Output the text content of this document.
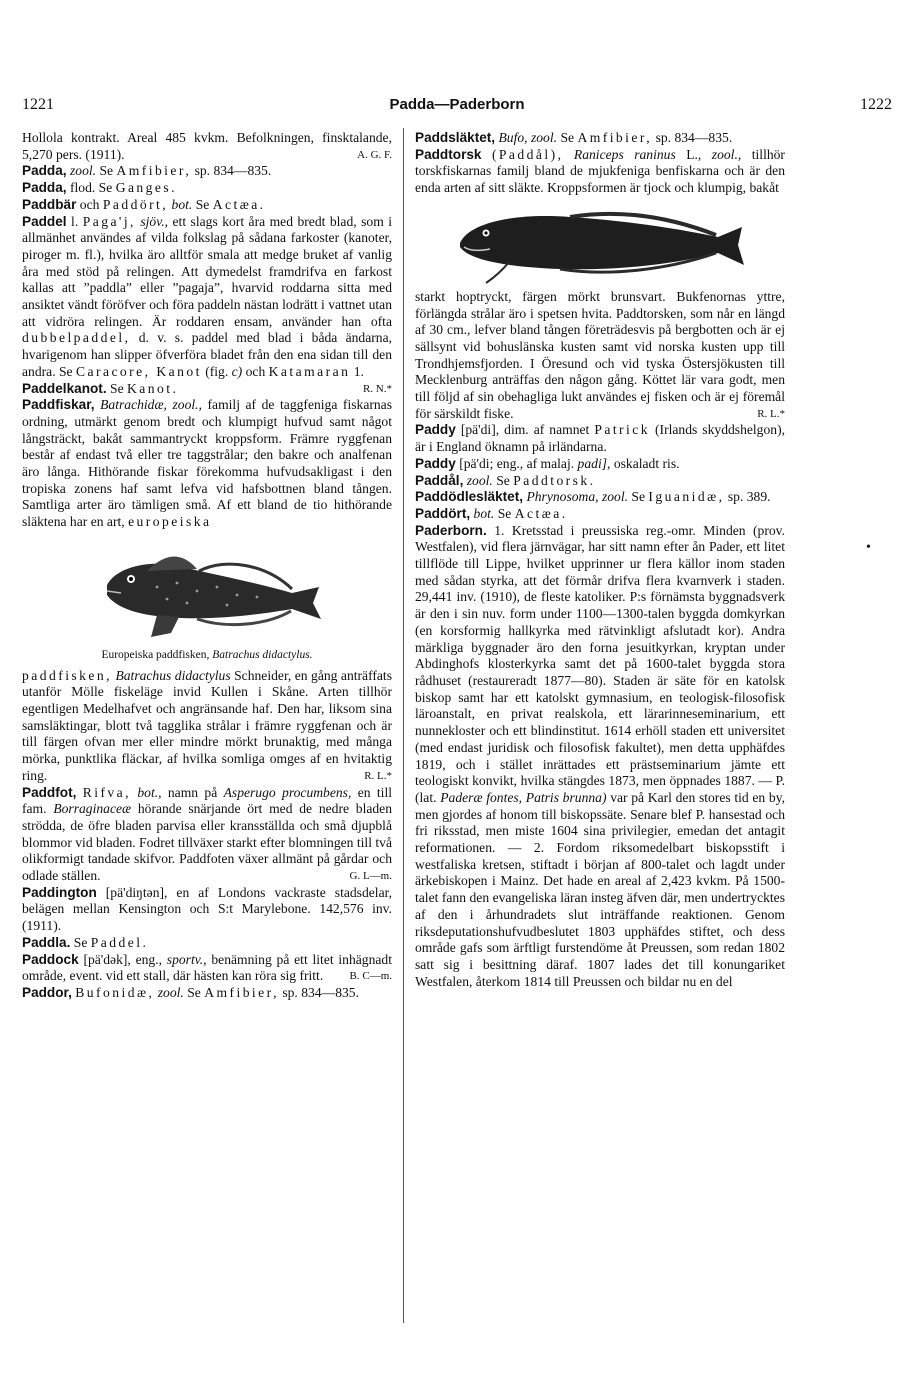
1221	Padda—Paderborn	1222

Hollola kontrakt. Areal 485 kvkm. Befolkningen, finsktalande, 5,270 pers. (1911).	A. G. F.

Padda, zool. Se Amfibier, sp. 834—835.

Padda, flod. Se Ganges.

Paddbär och Paddört, bot. Se Actæa.

Paddel l. Paga'j, sjöv., ett slags kort åra med bredt blad, som i allmänhet användes af vilda folkslag på sådana farkoster (kanoter, piroger m. fl.), hvilka äro alltför smala att medge bruket af vanlig åra med stöd på relingen. Att dymedelst framdrifva en farkost kallas att ”paddla” eller ”pagaja”, hvarvid roddarna sitta med ansiktet vändt föröfver och föra paddeln nästan lodrätt i vattnet utan att vidröra relingen. Är roddaren ensam, använder han ofta dubbelpaddel, d. v. s. paddel med blad i båda ändarna, hvarigenom han slipper öfverföra bladet från den ena sidan till den andra. Se Caracore, Kanot (fig. c) och Katamaran 1.
R. N.*

Paddelkanot. Se Kanot.

Paddfiskar, Batrachidæ, zool., familj af de taggfeniga fiskarnas ordning, utmärkt genom bredt och klumpigt hufvud samt något långsträckt, bakåt sammantryckt kroppsform. Främre ryggfenan består af endast två eller tre taggstrålar; den bakre och analfenan äro långa. Hithörande fiskar förekomma hufvudsakligast i den tropiska zonens haf samt lefva vid hafsbottnen bland tången. Samtliga arter äro tämligen små. Af ett bland de tio hithörande släktena har en art, europeiska

Europeiska paddfisken, Batrachus didactylus.

paddfisken, Batrachus didactylus Schneider, en gång anträffats utanför Mölle fiskeläge invid Kullen i Skåne. Arten tillhör egentligen Medelhafvet och angränsande haf. Den har, liksom sina samsläktingar, blott två tagglika strålar i främre ryggfenan och är till färgen ofvan mer eller mindre mörkt brunaktig, med många mörka, punktlika fläckar, af hvilka somliga omges af en hvitaktig ring.	R. L.*

Paddfot, Rifva, bot., namn på Asperugo procumbens, en till fam. Borraginaceæ hörande snärjande ört med de nedre bladen strödda, de öfre bladen parvisa eller kransställda och små djupblå blommor vid bladen. Fodret tillväxer starkt efter blomningen till två olikformigt tandade skifvor. Paddfoten växer allmänt på gårdar och odlade ställen.	G. L—m.

Paddington [pä'diŋtən], en af Londons vackraste stadsdelar, belägen mellan Kensington och S:t Marylebone. 142,576 inv. (1911).

Paddla. Se Paddel.

Paddock [pä'dək], eng., sportv., benämning på ett litet inhägnadt område, event. vid ett stall, där hästen kan röra sig fritt. B. C—m.

Paddor, Bufonidæ, zool. Se Amfibier, sp. 834—835.

Paddsläktet, Bufo, zool. Se Amfibier, sp. 834—835.

Paddtorsk (Paddål), Raniceps raninus L., zool., tillhör torskfiskarnas familj bland de mjukfeniga benfiskarna och är den enda arten af sitt släkte. Kroppsformen är tjock och klumpig, bakåt

starkt hoptryckt, färgen mörkt brunsvart. Bukfenornas yttre, förlängda strålar äro i spetsen hvita. Paddtorsken, som når en längd af 30 cm., lefver bland tången företrädesvis på bergbotten och är ej sällsynt vid bohuslänska kusten samt vid norska kusten upp till Trondhjemsfjorden. I Öresund och vid tyska Östersjökusten till Mecklenburg anträffas den någon gång. Köttet lär vara godt, men till följd af sin obehagliga lukt användes ej fisken och är ej föremål för särskildt fiske.	R. L.*

Paddy [pä'di], dim. af namnet Patrick (Irlands skyddshelgon), är i England öknamn på irländarna.

Paddy [pä'di; eng., af malaj. padi], oskaladt ris.

Paddål, zool. Se Paddtorsk.

Paddödlesläktet, Phrynosoma, zool. Se Iguanidæ, sp. 389.

Paddört, bot. Se Actæa.

Paderborn. 1. Kretsstad i preussiska reg.-omr. Minden (prov. Westfalen), vid flera järnvägar, har sitt namn efter ån Pader, ett litet tillflöde till Lippe, hvilket upprinner ur flera källor inom staden med sådan styrka, att det förmår drifva flera kvarnverk i staden. 29,441 inv. (1910), de fleste katoliker. P:s förnämsta byggnadsverk är den i sin nuv. form under 1100—1300-talen byggda domkyrkan (en korsformig hallkyrka med rätvinkligt afslutadt kor). Andra märkliga byggnader äro den forna jesuitkyrkan, kryptan under Abdinghofs klosterkyrka samt det på 1600-talet byggda stora rådhuset (restaureradt 1877—80). Staden är säte för en katolsk biskop samt har ett katolskt gymnasium, en teologisk-filosofisk läroanstalt, en privat realskola, ett lärarinneseminarium, ett nunnekloster och ett blindinstitut. 1614 erhöll staden ett universitet (med endast juridisk och filosofisk fakultet), men detta upphäfdes 1819, och i stället inrättades ett prästseminarium jämte ett teologiskt konvikt, hvilka stängdes 1873, men öppnades 1887. — P. (lat. Paderæ fontes, Patris brunna) var på Karl den stores tid en by, men gjordes af honom till biskopssäte. Senare blef P. hansestad och fri riksstad, men miste 1604 sina privilegier, emedan det antagit reformationen. — 2. Fordom riksomedelbart biskopsstift i westfaliska kretsen, stiftadt i början af 800-talet och lagdt under ärkebiskopen i Mainz. Det hade en areal af 2,423 kvkm. På 1500-talet fann den evangeliska läran insteg äfven där, men undertrycktes af den i århundradets slut inträffande reaktionen. Genom riksdeputationshufvudbeslutet 1803 upphäfdes stiftet, och dess område gafs som ärftligt furstendöme åt Preussen, som redan 1802 satt sig i besittning däraf. 1807 lades det till konungariket Westfalen, återkom 1814 till Preussen och bildar nu en del

•
